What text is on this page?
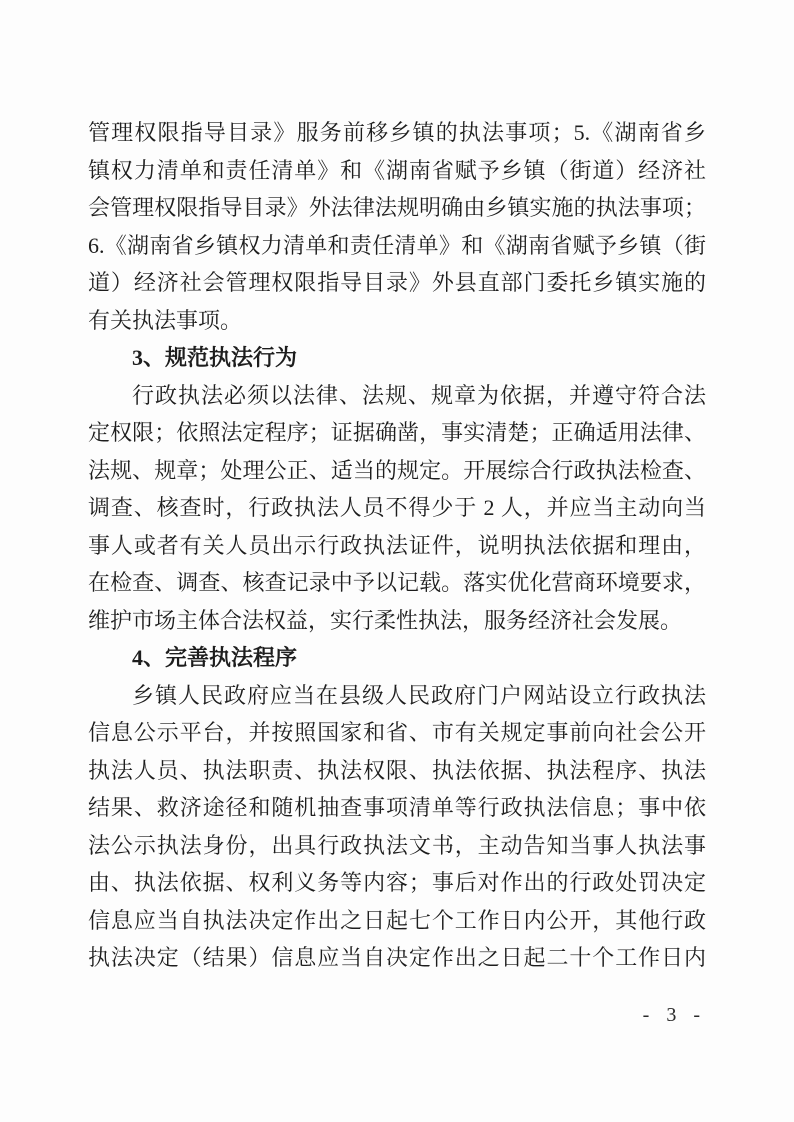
管理权限指导目录》服务前移乡镇的执法事项；5.《湖南省乡
镇权力清单和责任清单》和《湖南省赋予乡镇（街道）经济社
会管理权限指导目录》外法律法规明确由乡镇实施的执法事项；
6.《湖南省乡镇权力清单和责任清单》和《湖南省赋予乡镇（街
道）经济社会管理权限指导目录》外县直部门委托乡镇实施的
有关执法事项。
3、规范执法行为
行政执法必须以法律、法规、规章为依据，并遵守符合法
定权限；依照法定程序；证据确凿，事实清楚；正确适用法律、
法规、规章；处理公正、适当的规定。开展综合行政执法检查、
调查、核查时，行政执法人员不得少于 2 人，并应当主动向当
事人或者有关人员出示行政执法证件，说明执法依据和理由，
在检查、调查、核查记录中予以记载。落实优化营商环境要求，
维护市场主体合法权益，实行柔性执法，服务经济社会发展。
4、完善执法程序
乡镇人民政府应当在县级人民政府门户网站设立行政执法
信息公示平台，并按照国家和省、市有关规定事前向社会公开
执法人员、执法职责、执法权限、执法依据、执法程序、执法
结果、救济途径和随机抽查事项清单等行政执法信息；事中依
法公示执法身份，出具行政执法文书，主动告知当事人执法事
由、执法依据、权利义务等内容；事后对作出的行政处罚决定
信息应当自执法决定作出之日起七个工作日内公开，其他行政
执法决定（结果）信息应当自决定作出之日起二十个工作日内
- 3 -
